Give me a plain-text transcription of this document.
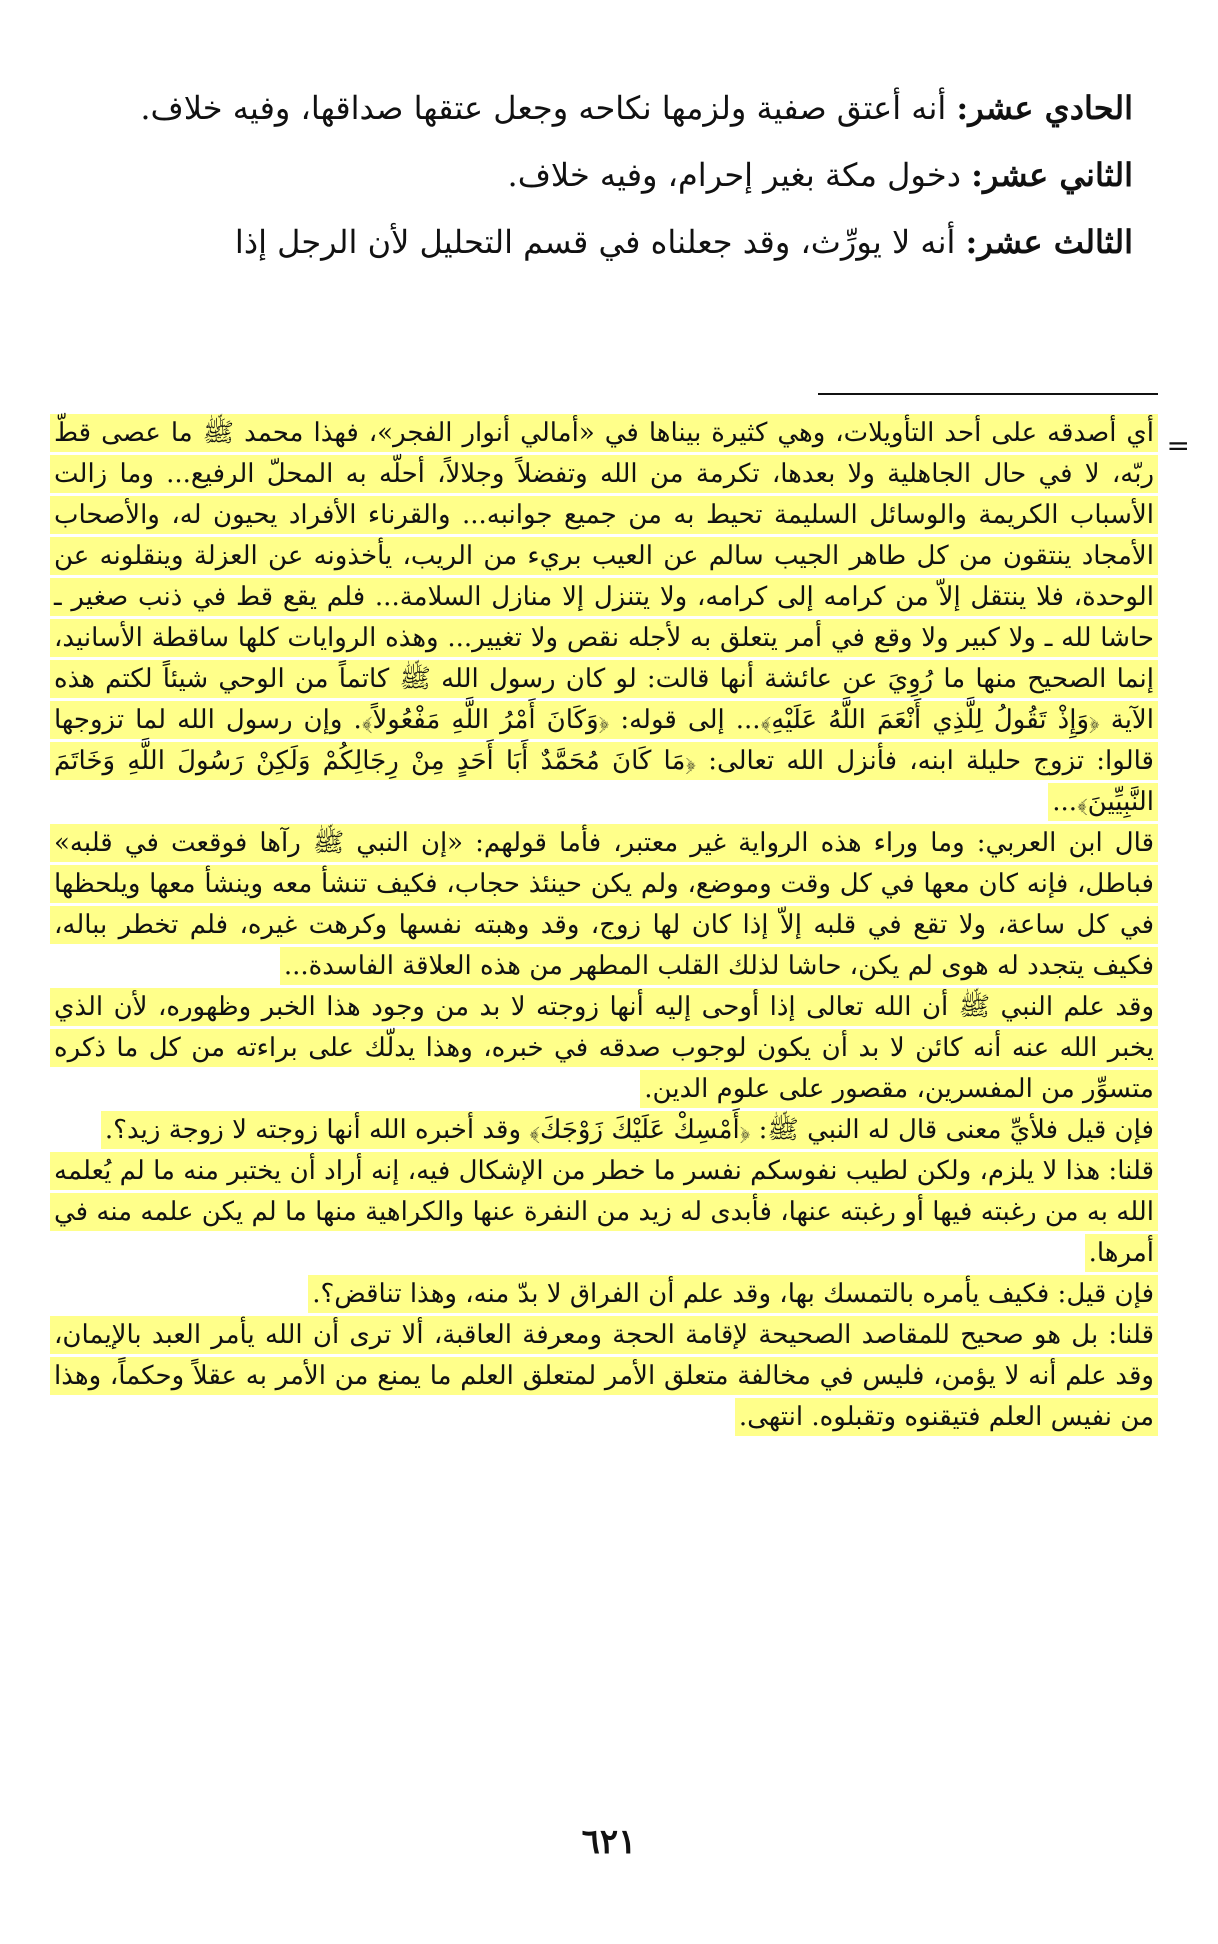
الحادي عشر: أنه أعتق صفية ولزمها نكاحه وجعل عتقها صداقها، وفيه خلاف.

الثاني عشر: دخول مكة بغير إحرام، وفيه خلاف.

الثالث عشر: أنه لا يورِّث، وقد جعلناه في قسم التحليل لأن الرجل إذا

=

أي أصدقه على أحد التأويلات، وهي كثيرة بيناها في «أمالي أنوار الفجر»، فهذا محمد ﷺ ما عصى قطّ ربّه، لا في حال الجاهلية ولا بعدها، تكرمة من الله وتفضلاً وجلالاً، أحلّه به المحلّ الرفيع... وما زالت الأسباب الكريمة والوسائل السليمة تحيط به من جميع جوانبه... والقرناء الأفراد يحيون له، والأصحاب الأمجاد ينتقون من كل طاهر الجيب سالم عن العيب بريء من الريب، يأخذونه عن العزلة وينقلونه عن الوحدة، فلا ينتقل إلاّ من كرامه إلى كرامه، ولا يتنزل إلا منازل السلامة... فلم يقع قط في ذنب صغير ـ حاشا لله ـ ولا كبير ولا وقع في أمر يتعلق به لأجله نقص ولا تغيير... وهذه الروايات كلها ساقطة الأسانيد، إنما الصحيح منها ما رُوِيَ عن عائشة أنها قالت: لو كان رسول الله ﷺ كاتماً من الوحي شيئاً لكتم هذه الآية ﴿وَإِذْ تَقُولُ لِلَّذِي أَنْعَمَ اللَّهُ عَلَيْهِ﴾... إلى قوله: ﴿وَكَانَ أَمْرُ اللَّهِ مَفْعُولاً﴾. وإن رسول الله لما تزوجها قالوا: تزوج حليلة ابنه، فأنزل الله تعالى: ﴿مَا كَانَ مُحَمَّدٌ أَبَا أَحَدٍ مِنْ رِجَالِكُمْ وَلَكِنْ رَسُولَ اللَّهِ وَخَاتَمَ النَّبِيِّينَ﴾...

قال ابن العربي: وما وراء هذه الرواية غير معتبر، فأما قولهم: «إن النبي ﷺ رآها فوقعت في قلبه» فباطل، فإنه كان معها في كل وقت وموضع، ولم يكن حينئذ حجاب، فكيف تنشأ معه وينشأ معها ويلحظها في كل ساعة، ولا تقع في قلبه إلاّ إذا كان لها زوج، وقد وهبته نفسها وكرهت غيره، فلم تخطر بباله، فكيف يتجدد له هوى لم يكن، حاشا لذلك القلب المطهر من هذه العلاقة الفاسدة...

وقد علم النبي ﷺ أن الله تعالى إذا أوحى إليه أنها زوجته لا بد من وجود هذا الخبر وظهوره، لأن الذي يخبر الله عنه أنه كائن لا بد أن يكون لوجوب صدقه في خبره، وهذا يدلّك على براءته من كل ما ذكره متسوِّر من المفسرين، مقصور على علوم الدين.

فإن قيل فلأيِّ معنى قال له النبي ﷺ: ﴿أَمْسِكْ عَلَيْكَ زَوْجَكَ﴾ وقد أخبره الله أنها زوجته لا زوجة زيد؟.

قلنا: هذا لا يلزم، ولكن لطيب نفوسكم نفسر ما خطر من الإشكال فيه، إنه أراد أن يختبر منه ما لم يُعلمه الله به من رغبته فيها أو رغبته عنها، فأبدى له زيد من النفرة عنها والكراهية منها ما لم يكن علمه منه في أمرها.

فإن قيل: فكيف يأمره بالتمسك بها، وقد علم أن الفراق لا بدّ منه، وهذا تناقض؟.

قلنا: بل هو صحيح للمقاصد الصحيحة لإقامة الحجة ومعرفة العاقبة، ألا ترى أن الله يأمر العبد بالإيمان، وقد علم أنه لا يؤمن، فليس في مخالفة متعلق الأمر لمتعلق العلم ما يمنع من الأمر به عقلاً وحكماً، وهذا من نفيس العلم فتيقنوه وتقبلوه. انتهى.

٦٢١
